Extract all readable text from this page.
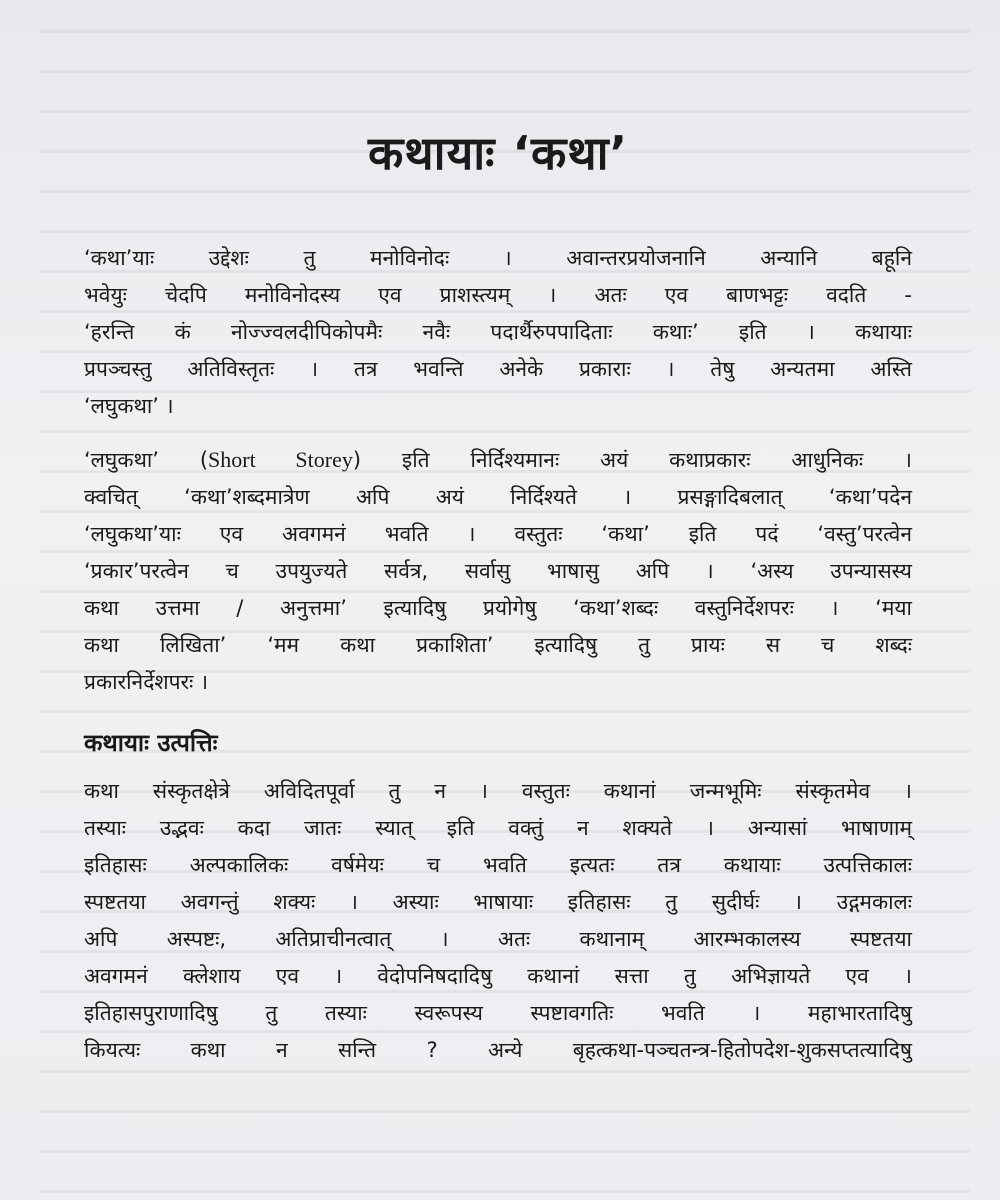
कथायाः ‘कथा’
‘कथा’याः उद्देशः तु मनोविनोदः । अवान्तरप्रयोजनानि अन्यानि बहूनि
भवेयुः चेदपि मनोविनोदस्य एव प्राशस्त्यम् । अतः एव बाणभट्टः वदति -
‘हरन्ति कं नोज्ज्वलदीपिकोपमैः नवैः पदार्थैरुपपादिताः कथाः’ इति । कथायाः
प्रपञ्चस्तु अतिविस्तृतः । तत्र भवन्ति अनेके प्रकाराः । तेषु अन्यतमा अस्ति
‘लघुकथा’ ।
‘लघुकथा’ (Short Storey) इति निर्दिश्यमानः अयं कथाप्रकारः आधुनिकः ।
क्वचित् ‘कथा’शब्दमात्रेण अपि अयं निर्दिश्यते । प्रसङ्गादिबलात् ‘कथा’पदेन
‘लघुकथा’याः एव अवगमनं भवति । वस्तुतः ‘कथा’ इति पदं ‘वस्तु’परत्वेन
‘प्रकार’परत्वेन च उपयुज्यते सर्वत्र, सर्वासु भाषासु अपि । ‘अस्य उपन्यासस्य
कथा उत्तमा / अनुत्तमा’ इत्यादिषु प्रयोगेषु ‘कथा’शब्दः वस्तुनिर्देशपरः । ‘मया
कथा लिखिता’ ‘मम कथा प्रकाशिता’ इत्यादिषु तु प्रायः स च शब्दः
प्रकारनिर्देशपरः ।
कथायाः उत्पत्तिः
कथा संस्कृतक्षेत्रे अविदितपूर्वा तु न । वस्तुतः कथानां जन्मभूमिः संस्कृतमेव ।
तस्याः उद्भवः कदा जातः स्यात् इति वक्तुं न शक्यते । अन्यासां भाषाणाम्
इतिहासः अल्पकालिकः वर्षमेयः च भवति इत्यतः तत्र कथायाः उत्पत्तिकालः
स्पष्टतया अवगन्तुं शक्यः । अस्याः भाषायाः इतिहासः तु सुदीर्घः । उद्गमकालः
अपि अस्पष्टः, अतिप्राचीनत्वात् । अतः कथानाम् आरम्भकालस्य स्पष्टतया
अवगमनं क्लेशाय एव । वेदोपनिषदादिषु कथानां सत्ता तु अभिज्ञायते एव ।
इतिहासपुराणादिषु तु तस्याः स्वरूपस्य स्पष्टावगतिः भवति । महाभारतादिषु
कियत्यः कथा न सन्ति ? अन्ये बृहत्कथा-पञ्चतन्त्र-हितोपदेश-शुकसप्तत्यादिषु
